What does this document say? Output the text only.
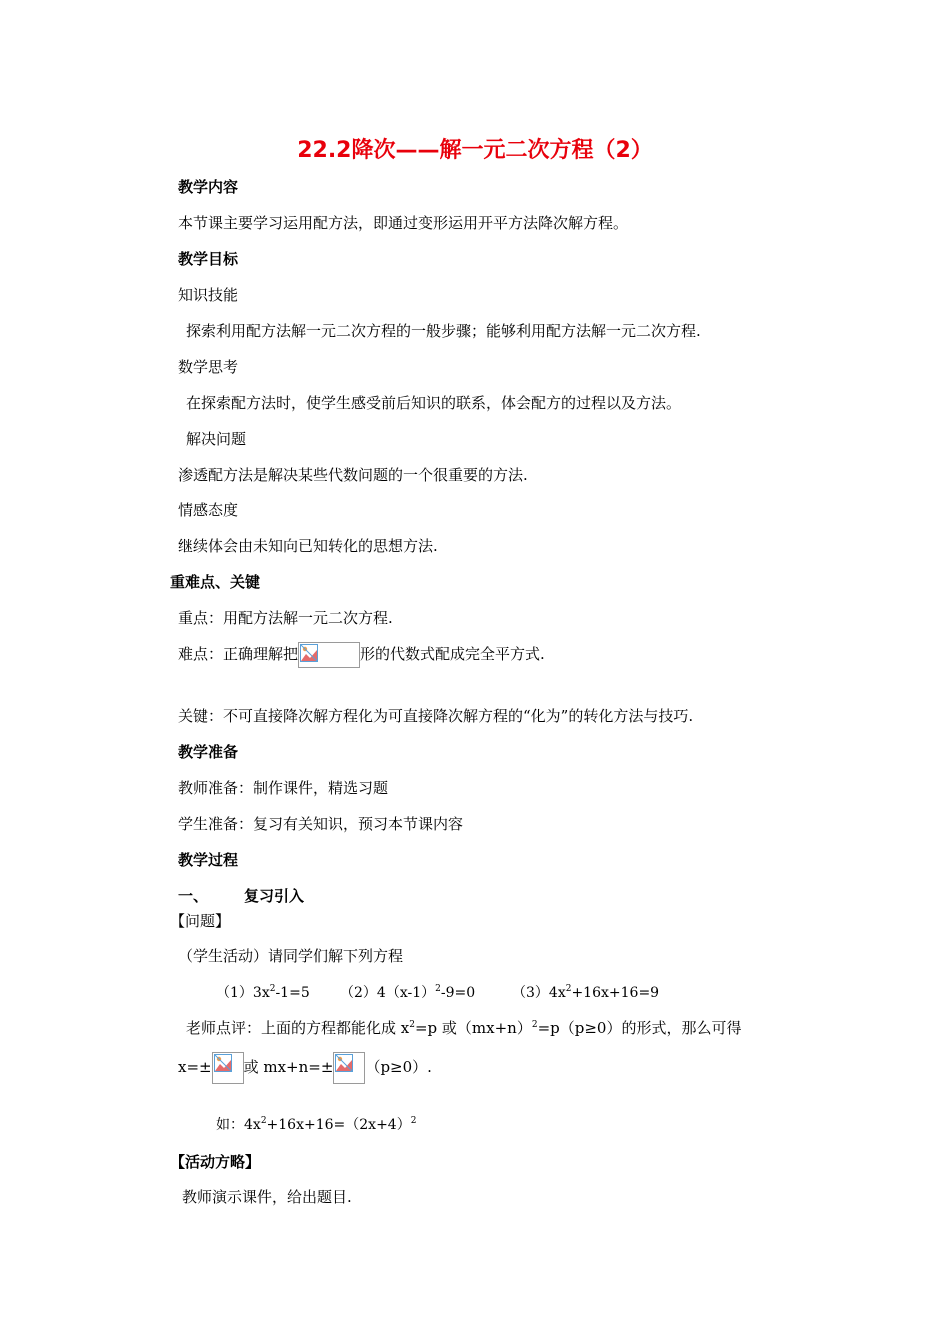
22.2降次——解一元二次方程（2）
教学内容
本节课主要学习运用配方法，即通过变形运用开平方法降次解方程。
教学目标
知识技能
探索利用配方法解一元二次方程的一般步骤；能够利用配方法解一元二次方程.
数学思考
在探索配方法时，使学生感受前后知识的联系，体会配方的过程以及方法。
解决问题
渗透配方法是解决某些代数问题的一个很重要的方法.
情感态度
继续体会由未知向已知转化的思想方法.
重难点、关键
重点：用配方法解一元二次方程.
难点：正确理解把	形的代数式配成完全平方式.
关键：不可直接降次解方程化为可直接降次解方程的“化为”的转化方法与技巧.
教学准备
教师准备：制作课件，精选习题
学生准备：复习有关知识，预习本节课内容
教学过程
一、 复习引入
【问题】
（学生活动）请同学们解下列方程
$(1)3x^2-1=5$ $(2)4(x-1)^2-9=0$	$(3)4x^2+16x+16=9$
老师点评：上面的方程都能化成 $x^2=p$ 或$(mx+n)^2=p(p\ge 0)$的形式，那么可得
x=± 或 mx+n=± （p≥0）.
如：$4x^2+16x+16=(2x+4)^2$
【活动方略】
教师演示课件，给出题目.
